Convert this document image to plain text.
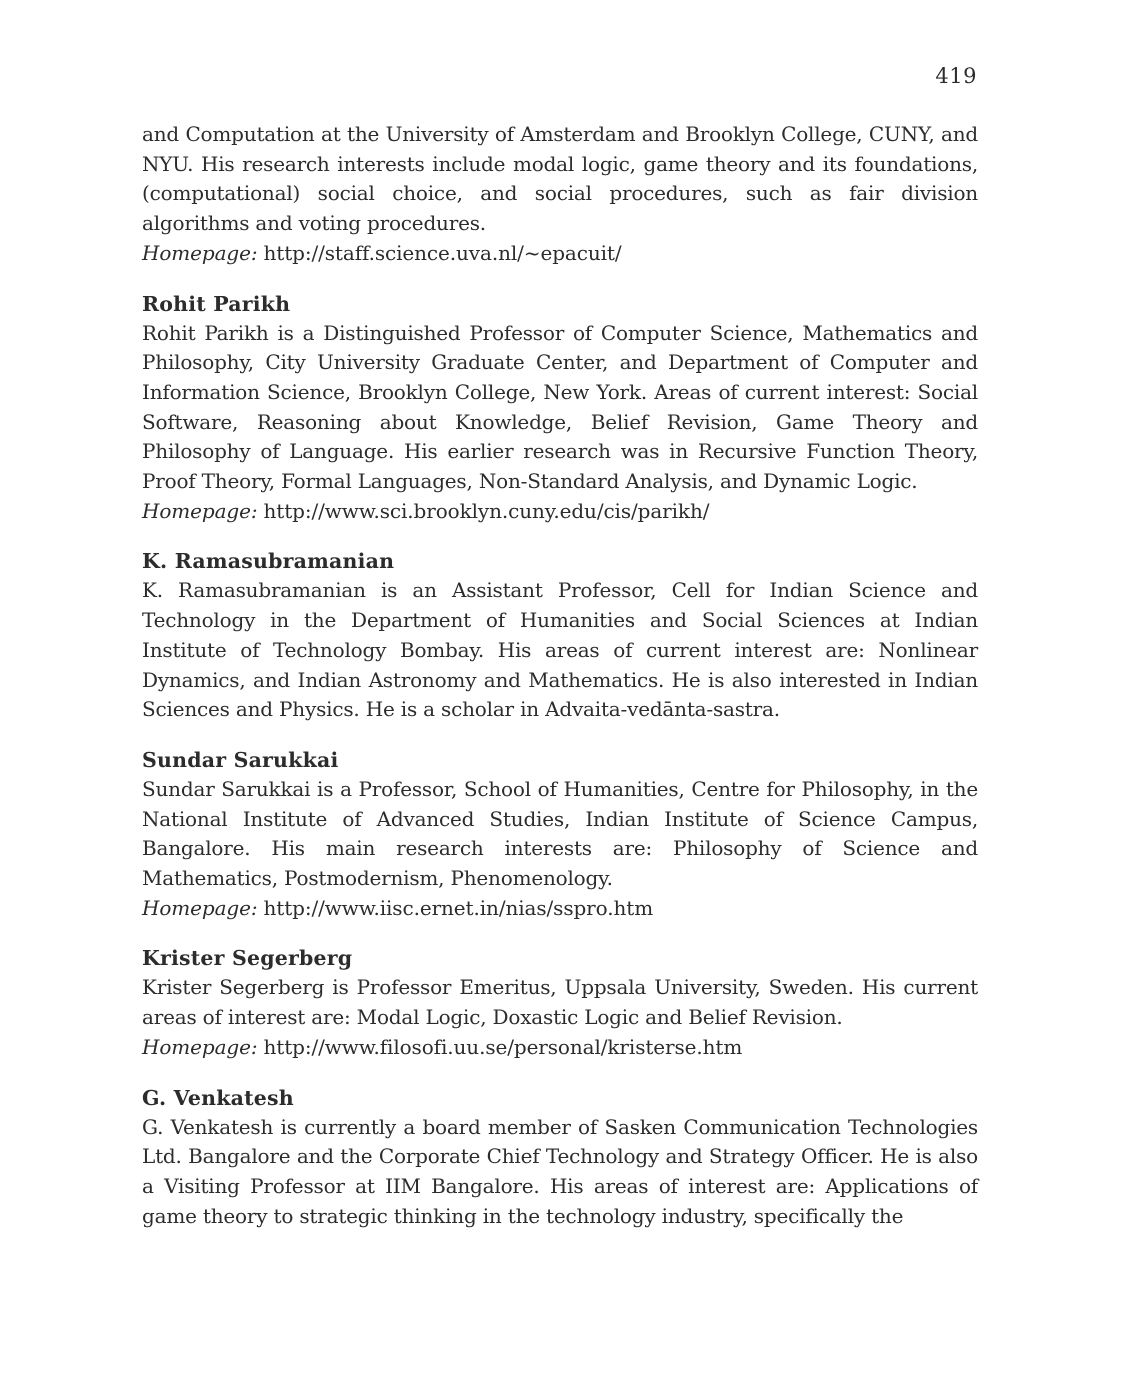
419

and Computation at the University of Amsterdam and Brooklyn College, CUNY, and NYU. His research interests include modal logic, game theory and its foundations, (computational) social choice, and social procedures, such as fair division algorithms and voting procedures.

Homepage: http://staff.science.uva.nl/~epacuit/

Rohit Parikh

Rohit Parikh is a Distinguished Professor of Computer Science, Mathematics and Philosophy, City University Graduate Center, and Department of Computer and Information Science, Brooklyn College, New York. Areas of current interest: Social Software, Reasoning about Knowledge, Belief Revision, Game Theory and Philosophy of Language. His earlier research was in Recursive Function Theory, Proof Theory, Formal Languages, Non-Standard Analysis, and Dynamic Logic.

Homepage: http://www.sci.brooklyn.cuny.edu/cis/parikh/

K. Ramasubramanian

K. Ramasubramanian is an Assistant Professor, Cell for Indian Science and Technology in the Department of Humanities and Social Sciences at Indian Institute of Technology Bombay. His areas of current interest are: Nonlinear Dynamics, and Indian Astronomy and Mathematics. He is also interested in Indian Sciences and Physics. He is a scholar in Advaita-vedānta-sastra.

Sundar Sarukkai

Sundar Sarukkai is a Professor, School of Humanities, Centre for Philosophy, in the National Institute of Advanced Studies, Indian Institute of Science Campus, Bangalore. His main research interests are: Philosophy of Science and Mathematics, Postmodernism, Phenomenology.

Homepage: http://www.iisc.ernet.in/nias/sspro.htm

Krister Segerberg

Krister Segerberg is Professor Emeritus, Uppsala University, Sweden. His current areas of interest are: Modal Logic, Doxastic Logic and Belief Revision.

Homepage: http://www.filosofi.uu.se/personal/kristerse.htm

G. Venkatesh

G. Venkatesh is currently a board member of Sasken Communication Technologies Ltd. Bangalore and the Corporate Chief Technology and Strategy Officer. He is also a Visiting Professor at IIM Bangalore. His areas of interest are: Applications of game theory to strategic thinking in the technology industry, specifically the
